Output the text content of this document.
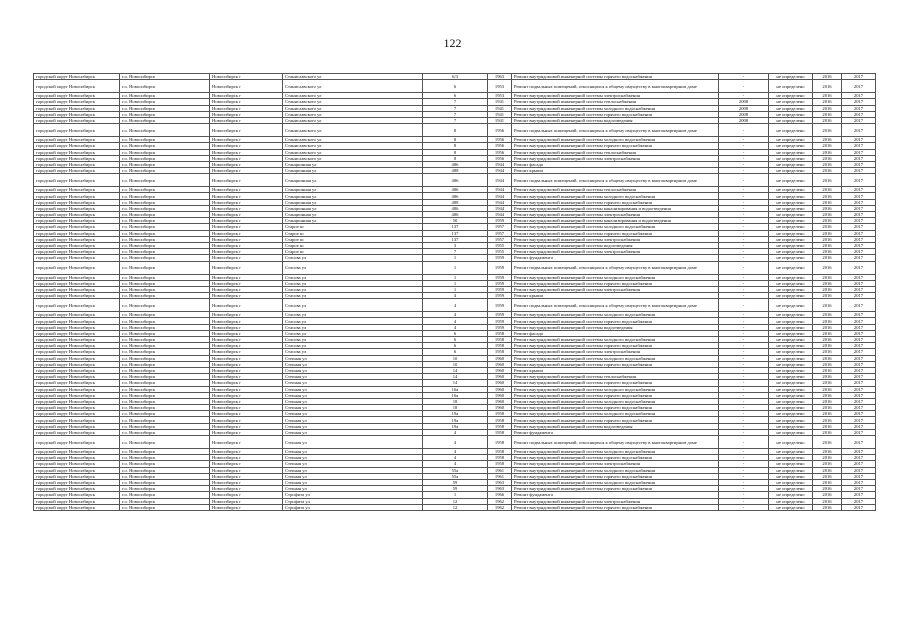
122
городской округ Новосибирск	г.о. Новосибирск	Новосибирск г	Станиславского ул	6/3	1963	Ремонт внутридомовой инженерной системы горячего водоснабжения	-	не определено	2016	2017
городской округ Новосибирск	г.о. Новосибирск	Новосибирск г	Станиславского ул	6	1953	Ремонт подвальных помещений, относящихся к общему имуществу в многоквартирном доме	-	не определено	2016	2017
городской округ Новосибирск	г.о. Новосибирск	Новосибирск г	Станиславского ул	6	1953	Ремонт внутридомовой инженерной системы электроснабжения	-	не определено	2016	2017
городской округ Новосибирск	г.о. Новосибирск	Новосибирск г	Станиславского ул	7	1941	Ремонт внутридомовой инженерной системы теплоснабжения	2008	не определено	2016	2017
городской округ Новосибирск	г.о. Новосибирск	Новосибирск г	Станиславского ул	7	1941	Ремонт внутридомовой инженерной системы холодного водоснабжения	2008	не определено	2016	2017
городской округ Новосибирск	г.о. Новосибирск	Новосибирск г	Станиславского ул	7	1941	Ремонт внутридомовой инженерной системы горячего водоснабжения	2008	не определено	2016	2017
городской округ Новосибирск	г.о. Новосибирск	Новосибирск г	Станиславского ул	7	1941	Ремонт внутридомовой инженерной системы водоотведения	2008	не определено	2016	2017
городской округ Новосибирск	г.о. Новосибирск	Новосибирск г	Станиславского ул	8	1956	Ремонт подвальных помещений, относящихся к общему имуществу в многоквартирном доме	-	не определено	2016	2017
городской округ Новосибирск	г.о. Новосибирск	Новосибирск г	Станиславского ул	8	1956	Ремонт внутридомовой инженерной системы холодного водоснабжения	-	не определено	2016	2017
городской округ Новосибирск	г.о. Новосибирск	Новосибирск г	Станиславского ул	8	1956	Ремонт внутридомовой инженерной системы горячего водоснабжения	-	не определено	2016	2017
городской округ Новосибирск	г.о. Новосибирск	Новосибирск г	Станиславского ул	8	1956	Ремонт внутридомовой инженерной системы теплоснабжения	-	не определено	2016	2017
городской округ Новосибирск	г.о. Новосибирск	Новосибирск г	Станиславского ул	8	1956	Ремонт внутридомовой инженерной системы электроснабжения	-	не определено	2016	2017
городской округ Новосибирск	г.о. Новосибирск	Новосибирск г	Станционная ул	486	1944	Ремонт фасада	-	не определено	2016	2017
городской округ Новосибирск	г.о. Новосибирск	Новосибирск г	Станционная ул	488	1944	Ремонт крыши	-	не определено	2016	2017
городской округ Новосибирск	г.о. Новосибирск	Новосибирск г	Станционная ул	486	1944	Ремонт подвальных помещений, относящихся к общему имуществу в многоквартирном доме	-	не определено	2016	2017
городской округ Новосибирск	г.о. Новосибирск	Новосибирск г	Станционная ул	486	1944	Ремонт внутридомовой инженерной системы теплоснабжения	-	не определено	2016	2017
городской округ Новосибирск	г.о. Новосибирск	Новосибирск г	Станционная ул	486	1944	Ремонт внутридомовой инженерной системы холодного водоснабжения	-	не определено	2016	2017
городской округ Новосибирск	г.о. Новосибирск	Новосибирск г	Станционная ул	488	1944	Ремонт внутридомовой инженерной системы горячего водоснабжения	-	не определено	2016	2017
городской округ Новосибирск	г.о. Новосибирск	Новосибирск г	Станционная ул	486	1944	Ремонт внутридомовой инженерной системы канализирования и водоотведения	-	не определено	2016	2017
городской округ Новосибирск	г.о. Новосибирск	Новосибирск г	Станционная ул	486	1944	Ремонт внутридомовой инженерной системы электроснабжения	-	не определено	2016	2017
городской округ Новосибирск	г.о. Новосибирск	Новосибирск г	Станционная ул	50	1959	Ремонт внутридомовой инженерной системы канализирования и водоотведения	-	не определено	2016	2017
городской округ Новосибирск	г.о. Новосибирск	Новосибирск г	Старое ш	137	1957	Ремонт внутридомовой инженерной системы холодного водоснабжения	-	не определено	2016	2017
городской округ Новосибирск	г.о. Новосибирск	Новосибирск г	Старое ш	137	1957	Ремонт внутридомовой инженерной системы горячего водоснабжения	-	не определено	2016	2017
городской округ Новосибирск	г.о. Новосибирск	Новосибирск г	Старое ш	137	1957	Ремонт внутридомовой инженерной системы электроснабжения	-	не определено	2016	2017
городской округ Новосибирск	г.о. Новосибирск	Новосибирск г	Старое ш	3	1955	Ремонт внутридомовой инженерной системы водоотведения	-	не определено	2016	2017
городской округ Новосибирск	г.о. Новосибирск	Новосибирск г	Старое ш	7	1955	Ремонт внутридомовой инженерной системы электроснабжения	-	не определено	2016	2017
городской округ Новосибирск	г.о. Новосибирск	Новосибирск г	Стасова ул	1	1959	Ремонт фундамента	-	не определено	2016	2017
городской округ Новосибирск	г.о. Новосибирск	Новосибирск г	Стасова ул	1	1959	Ремонт подвальных помещений, относящихся к общему имуществу в многоквартирном доме	-	не определено	2016	2017
городской округ Новосибирск	г.о. Новосибирск	Новосибирск г	Стасова ул	1	1959	Ремонт внутридомовой инженерной системы холодного водоснабжения	-	не определено	2016	2017
городской округ Новосибирск	г.о. Новосибирск	Новосибирск г	Стасова ул	1	1959	Ремонт внутридомовой инженерной системы горячего водоснабжения	-	не определено	2016	2017
городской округ Новосибирск	г.о. Новосибирск	Новосибирск г	Стасова ул	1	1959	Ремонт внутридомовой инженерной системы электроснабжения	-	не определено	2016	2017
городской округ Новосибирск	г.о. Новосибирск	Новосибирск г	Стасова ул	4	1959	Ремонт крыши	-	не определено	2016	2017
городской округ Новосибирск	г.о. Новосибирск	Новосибирск г	Стасова ул	4	1959	Ремонт подвальных помещений, относящихся к общему имуществу в многоквартирном доме	-	не определено	2016	2017
городской округ Новосибирск	г.о. Новосибирск	Новосибирск г	Стасова ул	4	1959	Ремонт внутридомовой инженерной системы холодного водоснабжения	-	не определено	2016	2017
городской округ Новосибирск	г.о. Новосибирск	Новосибирск г	Стасова ул	4	1959	Ремонт внутридомовой инженерной системы горячего водоснабжения	-	не определено	2016	2017
городской округ Новосибирск	г.о. Новосибирск	Новосибирск г	Стасова ул	4	1959	Ремонт внутридомовой инженерной системы водоотведения	-	не определено	2016	2017
городской округ Новосибирск	г.о. Новосибирск	Новосибирск г	Стасова ул	6	1958	Ремонт фасада	-	не определено	2016	2017
городской округ Новосибирск	г.о. Новосибирск	Новосибирск г	Стасова ул	6	1958	Ремонт внутридомовой инженерной системы холодного водоснабжения	-	не определено	2016	2017
городской округ Новосибирск	г.о. Новосибирск	Новосибирск г	Стасова ул	6	1958	Ремонт внутридомовой инженерной системы горячего водоснабжения	-	не определено	2016	2017
городской округ Новосибирск	г.о. Новосибирск	Новосибирск г	Стасова ул	6	1958	Ремонт внутридомовой инженерной системы электроснабжения	-	не определено	2016	2017
городской округ Новосибирск	г.о. Новосибирск	Новосибирск г	Степная ул	10	1960	Ремонт внутридомовой инженерной системы холодного водоснабжения	-	не определено	2016	2017
городской округ Новосибирск	г.о. Новосибирск	Новосибирск г	Степная ул	10	1960	Ремонт внутридомовой инженерной системы горячего водоснабжения	-	не определено	2016	2017
городской округ Новосибирск	г.о. Новосибирск	Новосибирск г	Степная ул	14	1960	Ремонт крыши	-	не определено	2016	2017
городской округ Новосибирск	г.о. Новосибирск	Новосибирск г	Степная ул	14	1960	Ремонт внутридомовой инженерной системы теплоснабжения	-	не определено	2016	2017
городской округ Новосибирск	г.о. Новосибирск	Новосибирск г	Степная ул	14	1960	Ремонт внутридомовой инженерной системы горячего водоснабжения	-	не определено	2016	2017
городской округ Новосибирск	г.о. Новосибирск	Новосибирск г	Степная ул	16а	1960	Ремонт внутридомовой инженерной системы холодного водоснабжения	-	не определено	2016	2017
городской округ Новосибирск	г.о. Новосибирск	Новосибирск г	Степная ул	16а	1960	Ремонт внутридомовой инженерной системы горячего водоснабжения	-	не определено	2016	2017
городской округ Новосибирск	г.о. Новосибирск	Новосибирск г	Степная ул	18	1960	Ремонт внутридомовой инженерной системы холодного водоснабжения	-	не определено	2016	2017
городской округ Новосибирск	г.о. Новосибирск	Новосибирск г	Степная ул	18	1960	Ремонт внутридомовой инженерной системы горячего водоснабжения	-	не определено	2016	2017
городской округ Новосибирск	г.о. Новосибирск	Новосибирск г	Степная ул	19а	1958	Ремонт внутридомовой инженерной системы холодного водоснабжения	-	не определено	2016	2017
городской округ Новосибирск	г.о. Новосибирск	Новосибирск г	Степная ул	19а	1958	Ремонт внутридомовой инженерной системы горячего водоснабжения	-	не определено	2016	2017
городской округ Новосибирск	г.о. Новосибирск	Новосибирск г	Степная ул	19а	1958	Ремонт внутридомовой инженерной системы водоотведения	-	не определено	2016	2017
городской округ Новосибирск	г.о. Новосибирск	Новосибирск г	Степная ул	4	1958	Ремонт фундамента	-	не определено	2016	2017
городской округ Новосибирск	г.о. Новосибирск	Новосибирск г	Степная ул	4	1958	Ремонт подвальных помещений, относящихся к общему имуществу в многоквартирном доме	-	не определено	2016	2017
городской округ Новосибирск	г.о. Новосибирск	Новосибирск г	Степная ул	4	1958	Ремонт внутридомовой инженерной системы холодного водоснабжения	-	не определено	2016	2017
городской округ Новосибирск	г.о. Новосибирск	Новосибирск г	Степная ул	4	1958	Ремонт внутридомовой инженерной системы горячего водоснабжения	-	не определено	2016	2017
городской округ Новосибирск	г.о. Новосибирск	Новосибирск г	Степная ул	4	1958	Ремонт внутридомовой инженерной системы электроснабжения	-	не определено	2016	2017
городской округ Новосибирск	г.о. Новосибирск	Новосибирск г	Степная ул	55а	1961	Ремонт внутридомовой инженерной системы холодного водоснабжения	-	не определено	2016	2017
городской округ Новосибирск	г.о. Новосибирск	Новосибирск г	Степная ул	55а	1961	Ремонт внутридомовой инженерной системы горячего водоснабжения	-	не определено	2016	2017
городской округ Новосибирск	г.о. Новосибирск	Новосибирск г	Степная ул	59	1963	Ремонт внутридомовой инженерной системы холодного водоснабжения	-	не определено	2016	2017
городской округ Новосибирск	г.о. Новосибирск	Новосибирск г	Степная ул	59	1963	Ремонт внутридомовой инженерной системы горячего водоснабжения	-	не определено	2016	2017
городской округ Новосибирск	г.о. Новосибирск	Новосибирск г	Строфита ул	1	1966	Ремонт фундамента	-	не определено	2016	2017
городской округ Новосибирск	г.о. Новосибирск	Новосибирск г	Строфита ул	12	1962	Ремонт внутридомовой инженерной системы электроснабжения	-	не определено	2016	2017
городской округ Новосибирск	г.о. Новосибирск	Новосибирск г	Строфита ул	12	1962	Ремонт внутридомовой инженерной системы горячего водоснабжения	-	не определено	2016	2017
